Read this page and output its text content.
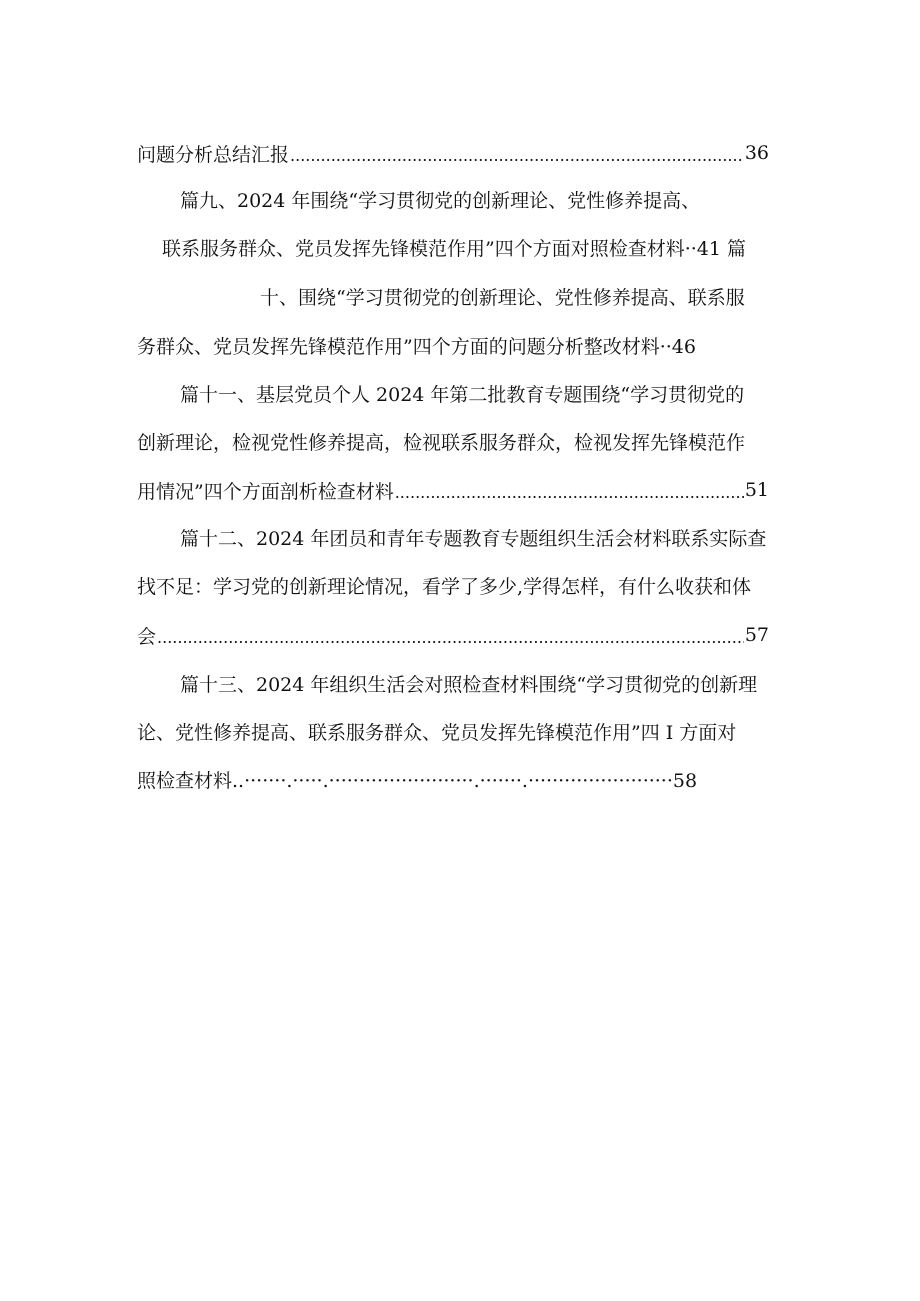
问题分析总结汇报 .....	36
篇九、2024 年围绕“学习贯彻党的创新理论、党性修养提高、
联系服务群众、党员发挥先锋模范作用”四个方面对照检查材料··41 篇
十、围绕“学习贯彻党的创新理论、党性修养提高、联系服
务群众、党员发挥先锋模范作用”四个方面的问题分析整改材料··46
篇十一、基层党员个人 2024 年第二批教育专题围绕“学习贯彻党的
创新理论，检视党性修养提高，检视联系服务群众，检视发挥先锋模范作
用情况”四个方面剖析检查材料 .....	51
篇十二、2024 年团员和青年专题教育专题组织生活会材料联系实际查
找不足：学习党的创新理论情况，看学了多少,学得怎样，有什么收获和体
会 .....	57
篇十三、2024 年组织生活会对照检查材料围绕“学习贯彻党的创新理
论、党性修养提高、联系服务群众、党员发挥先锋模范作用”四 I 方面对
照检查材料..·······.·····.························.·······.························58
